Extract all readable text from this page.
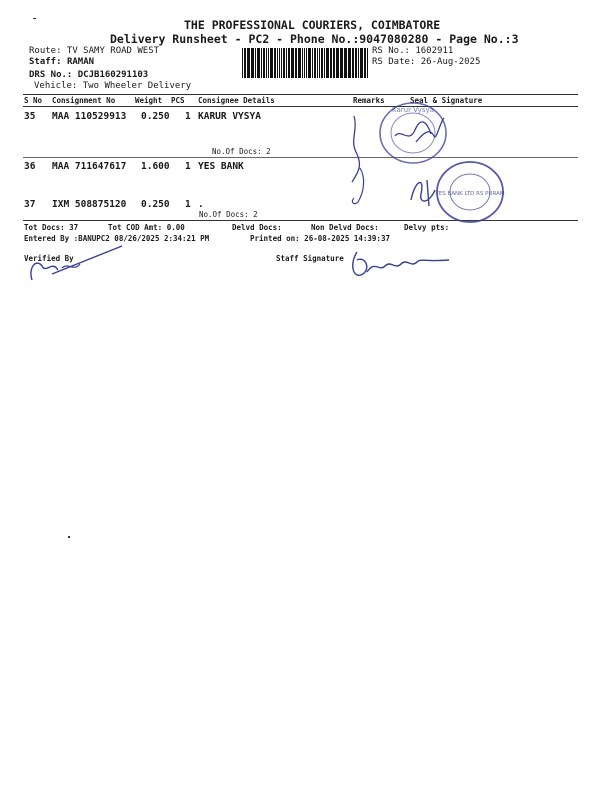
THE PROFESSIONAL COURIERS, COIMBATORE
Delivery Runsheet - PC2 - Phone No.:9047080280 - Page No.:3
Route: TV SAMY ROAD WEST
Staff: RAMAN
DRS No.: DCJB160291103
Vehicle: Two Wheeler Delivery
RS No.: 1602911
RS Date: 26-Aug-2025
S No Consignment No	Weight PCS Consignee Details	Remarks	Seal & Signature
35 MAA 110529913 0.250 1 KARUR VYSYA
No.Of Docs: 2
36 MAA 711647617 1.600 1 YES BANK
37 IXM 508875120 0.250 1 .
No.Of Docs: 2
Tot Docs: 37	Tot COD Amt: 0.00	Delvd Docs:	Non Delvd Docs:	Delvy pts:
Entered By :BANUPC2 08/26/2025 2:34:21 PM	Printed on: 26-08-2025 14:39:37
Verified By	Staff Signature
Karur Vysya
YES BANK LTD RS PURAM
